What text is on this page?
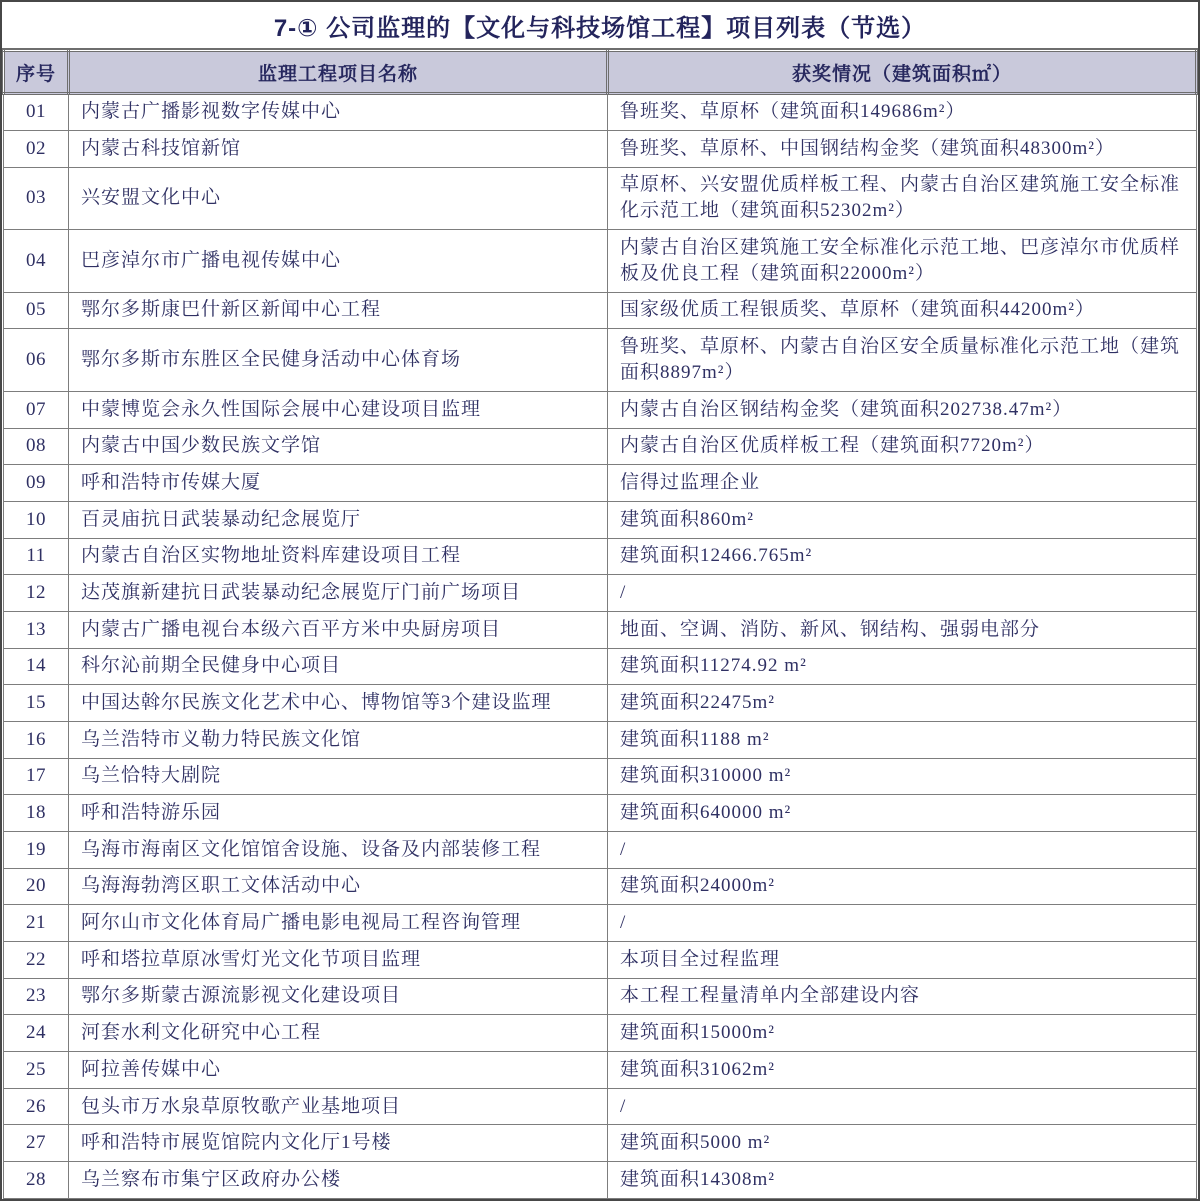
7-① 公司监理的【文化与科技场馆工程】项目列表（节选）
序号	监理工程项目名称	获奖情况（建筑面积㎡）
01	内蒙古广播影视数字传媒中心	鲁班奖、草原杯（建筑面积149686m²）
02	内蒙古科技馆新馆	鲁班奖、草原杯、中国钢结构金奖（建筑面积48300m²）
03	兴安盟文化中心	草原杯、兴安盟优质样板工程、内蒙古自治区建筑施工安全标准化示范工地（建筑面积52302m²）
04	巴彦淖尔市广播电视传媒中心	内蒙古自治区建筑施工安全标准化示范工地、巴彦淖尔市优质样板及优良工程（建筑面积22000m²）
05	鄂尔多斯康巴什新区新闻中心工程	国家级优质工程银质奖、草原杯（建筑面积44200m²）
06	鄂尔多斯市东胜区全民健身活动中心体育场	鲁班奖、草原杯、内蒙古自治区安全质量标准化示范工地（建筑面积8897m²）
07	中蒙博览会永久性国际会展中心建设项目监理	内蒙古自治区钢结构金奖（建筑面积202738.47m²）
08	内蒙古中国少数民族文学馆	内蒙古自治区优质样板工程（建筑面积7720m²）
09	呼和浩特市传媒大厦	信得过监理企业
10	百灵庙抗日武装暴动纪念展览厅	建筑面积860m²
11	内蒙古自治区实物地址资料库建设项目工程	建筑面积12466.765m²
12	达茂旗新建抗日武装暴动纪念展览厅门前广场项目	/
13	内蒙古广播电视台本级六百平方米中央厨房项目	地面、空调、消防、新风、钢结构、强弱电部分
14	科尔沁前期全民健身中心项目	建筑面积11274.92 m²
15	中国达斡尔民族文化艺术中心、博物馆等3个建设监理	建筑面积22475m²
16	乌兰浩特市义勒力特民族文化馆	建筑面积1188 m²
17	乌兰恰特大剧院	建筑面积310000 m²
18	呼和浩特游乐园	建筑面积640000 m²
19	乌海市海南区文化馆馆舍设施、设备及内部装修工程	/
20	乌海海勃湾区职工文体活动中心	建筑面积24000m²
21	阿尔山市文化体育局广播电影电视局工程咨询管理	/
22	呼和塔拉草原冰雪灯光文化节项目监理	本项目全过程监理
23	鄂尔多斯蒙古源流影视文化建设项目	本工程工程量清单内全部建设内容
24	河套水利文化研究中心工程	建筑面积15000m²
25	阿拉善传媒中心	建筑面积31062m²
26	包头市万水泉草原牧歌产业基地项目	/
27	呼和浩特市展览馆院内文化厅1号楼	建筑面积5000 m²
28	乌兰察布市集宁区政府办公楼	建筑面积14308m²
